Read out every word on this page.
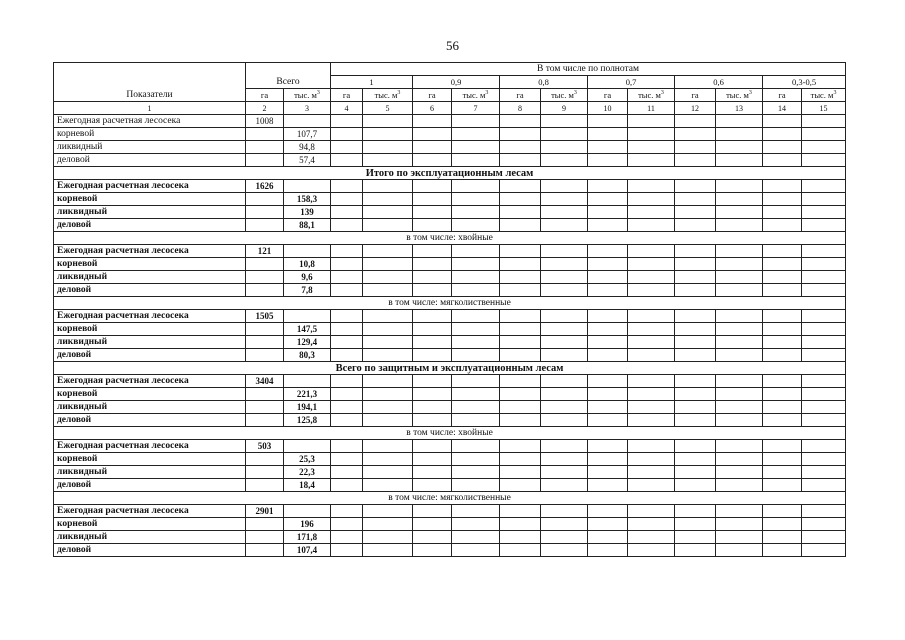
56
Показатели	Всего		В том числе по полнотам											
			1		0,9		0,8		0,7		0,6		0,3-0,5	
	га	тыс. $м^3$	га	тыс. $м^3$	га	тыс. $м^3$	га	тыс. $м^3$	га	тыс. $м^3$	га	тыс. $м^3$	га	тыс. $м^3$
1	2	3	4	5	6	7	8	9	10	11	12	13	14	15
Ежегодная расчетная лесосека	1008													
корневой		107,7												
ликвидный		94,8												
деловой		57,4												
Итого по эксплуатационным лесам														
Ежегодная расчетная лесосека	1626													
корневой		158,3												
ликвидный		139												
деловой		88,1												
в том числе: хвойные														
Ежегодная расчетная лесосека	121													
корневой		10,8												
ликвидный		9,6												
деловой		7,8												
в том числе: мягколиственные														
Ежегодная расчетная лесосека	1505													
корневой		147,5												
ликвидный		129,4												
деловой		80,3												
Всего по защитным и эксплуатационным лесам														
Ежегодная расчетная лесосека	3404													
корневой		221,3												
ликвидный		194,1												
деловой		125,8												
в том числе: хвойные														
Ежегодная расчетная лесосека	503													
корневой		25,3												
ликвидный		22,3												
деловой		18,4												
в том числе: мягколиственные														
Ежегодная расчетная лесосека	2901													
корневой		196												
ликвидный		171,8												
деловой		107,4												
